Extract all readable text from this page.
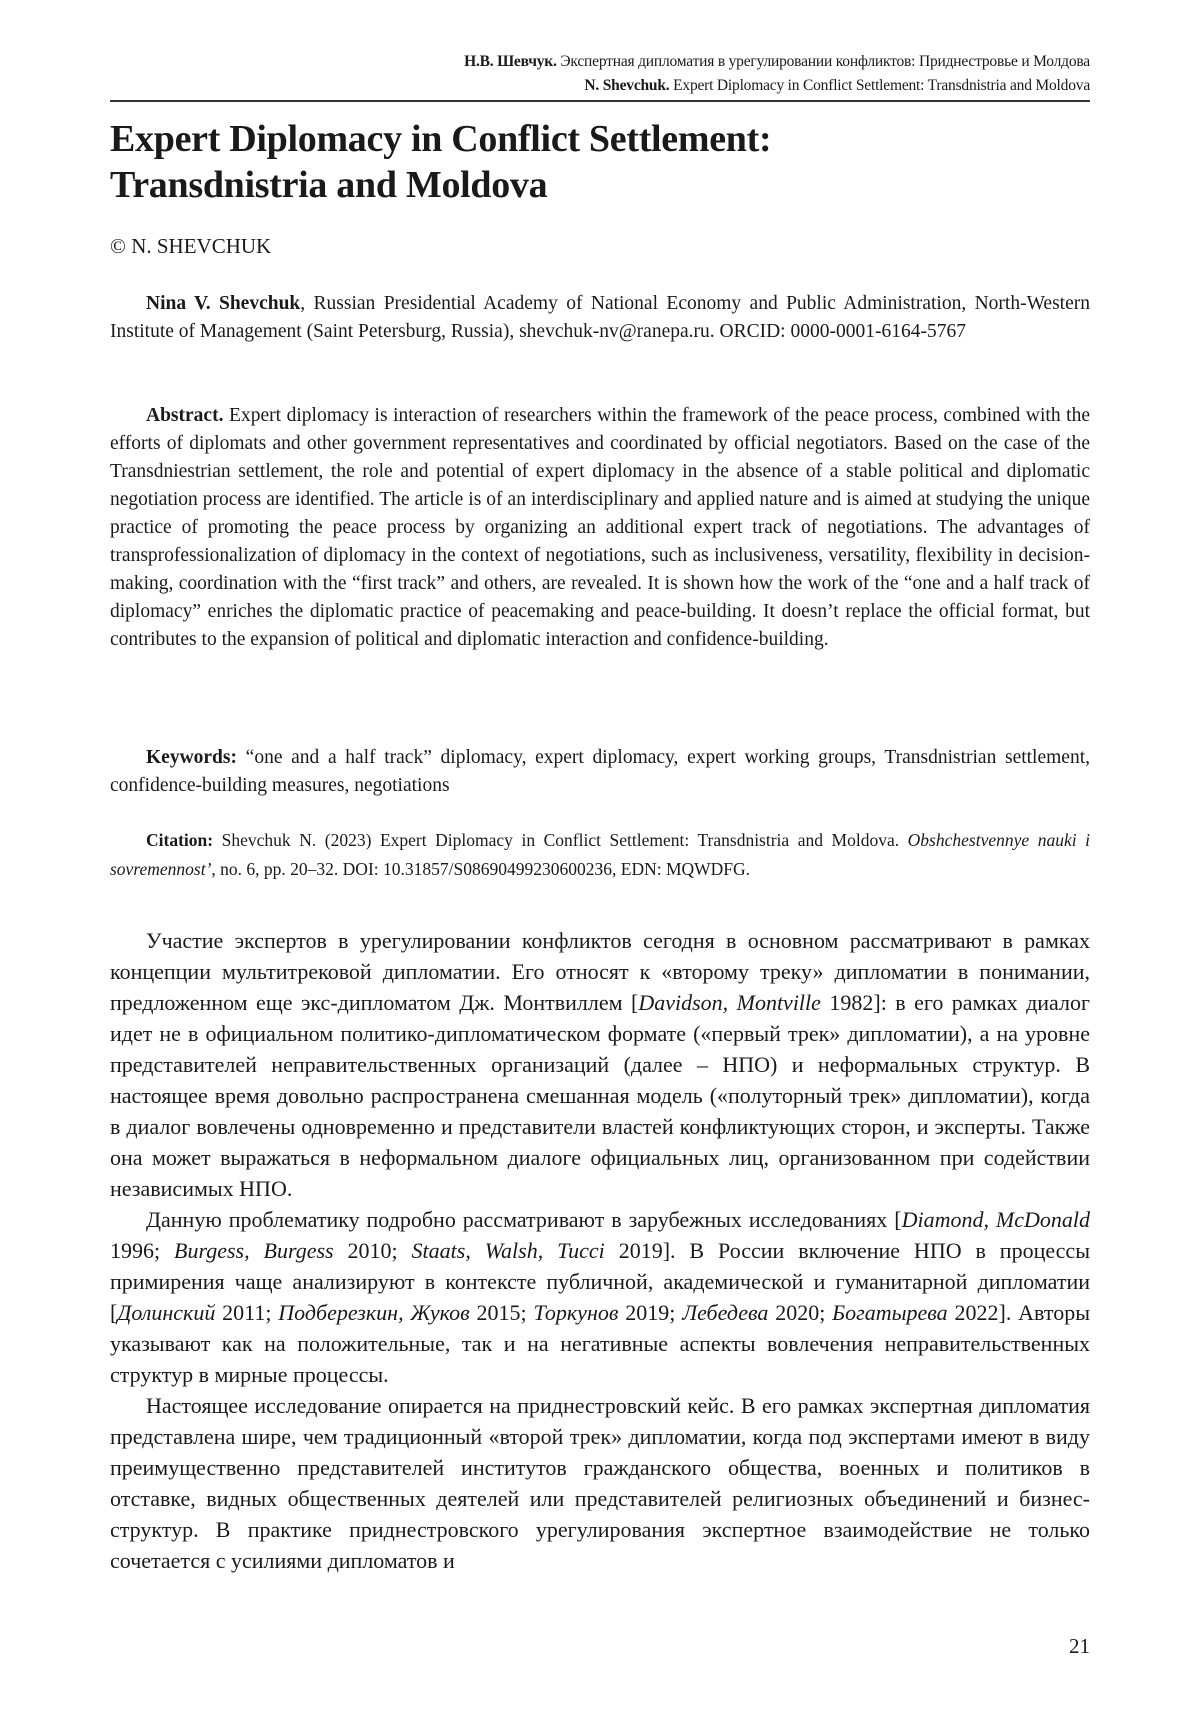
Н.В. Шевчук. Экспертная дипломатия в урегулировании конфликтов: Приднестровье и Молдова
N. Shevchuk. Expert Diplomacy in Conflict Settlement: Transdnistria and Moldova
Expert Diplomacy in Conflict Settlement:
Transdnistria and Moldova
© N. SHEVCHUK

Nina V. Shevchuk, Russian Presidential Academy of National Economy and Public Administration, North-Western Institute of Management (Saint Petersburg, Russia), shevchuk-nv@ranepa.ru. ORCID: 0000-0001-6164-5767

Abstract. Expert diplomacy is interaction of researchers within the framework of the peace process, combined with the efforts of diplomats and other government representatives and coordinated by official negotiators. Based on the case of the Transdniestrian settlement, the role and potential of expert diplomacy in the absence of a stable political and diplomatic negotiation process are identified. The article is of an interdisciplinary and applied nature and is aimed at studying the unique practice of promoting the peace process by organizing an additional expert track of negotiations. The advantages of transprofessionalization of diplomacy in the context of negotiations, such as inclusiveness, versatility, flexibility in decision-making, coordination with the “first track” and others, are revealed. It is shown how the work of the “one and a half track of diplomacy” enriches the diplomatic practice of peacemaking and peace-building. It doesn’t replace the official format, but contributes to the expansion of political and diplomatic interaction and confidence-building.

Keywords: “one and a half track” diplomacy, expert diplomacy, expert working groups, Transdnistrian settlement, confidence-building measures, negotiations

Citation: Shevchuk N. (2023) Expert Diplomacy in Conflict Settlement: Transdnistria and Moldova. Obshchestvennye nauki i sovremennost’, no. 6, pp. 20–32. DOI: 10.31857/S086904992306002З6, EDN: MQWDFG.

Участие экспертов в урегулировании конфликтов сегодня в основном рассматривают в рамках концепции мультитрековой дипломатии. Его относят к «второму треку» дипломатии в понимании, предложенном еще экс-дипломатом Дж. Монтвиллем [Davidson, Montville 1982]: в его рамках диалог идет не в официальном политико-дипломатическом формате («первый трек» дипломатии), а на уровне представителей неправительственных организаций (далее – НПО) и неформальных структур. В настоящее время довольно распространена смешанная модель («полуторный трек» дипломатии), когда в диалог вовлечены одновременно и представители властей конфликтующих сторон, и эксперты. Также она может выражаться в неформальном диалоге официальных лиц, организованном при содействии независимых НПО.

Данную проблематику подробно рассматривают в зарубежных исследованиях [Diamond, McDonald 1996; Burgess, Burgess 2010; Staats, Walsh, Tucci 2019]. В России включение НПО в процессы примирения чаще анализируют в контексте публичной, академической и гуманитарной дипломатии [Долинский 2011; Подберезкин, Жуков 2015; Торкунов 2019; Лебедева 2020; Богатырева 2022]. Авторы указывают как на положительные, так и на негативные аспекты вовлечения неправительственных структур в мирные процессы.

Настоящее исследование опирается на приднестровский кейс. В его рамках экспертная дипломатия представлена шире, чем традиционный «второй трек» дипломатии, когда под экспертами имеют в виду преимущественно представителей институтов гражданского общества, военных и политиков в отставке, видных общественных деятелей или представителей религиозных объединений и бизнес-структур. В практике приднестровского урегулирования экспертное взаимодействие не только сочетается с усилиями дипломатов и

21
